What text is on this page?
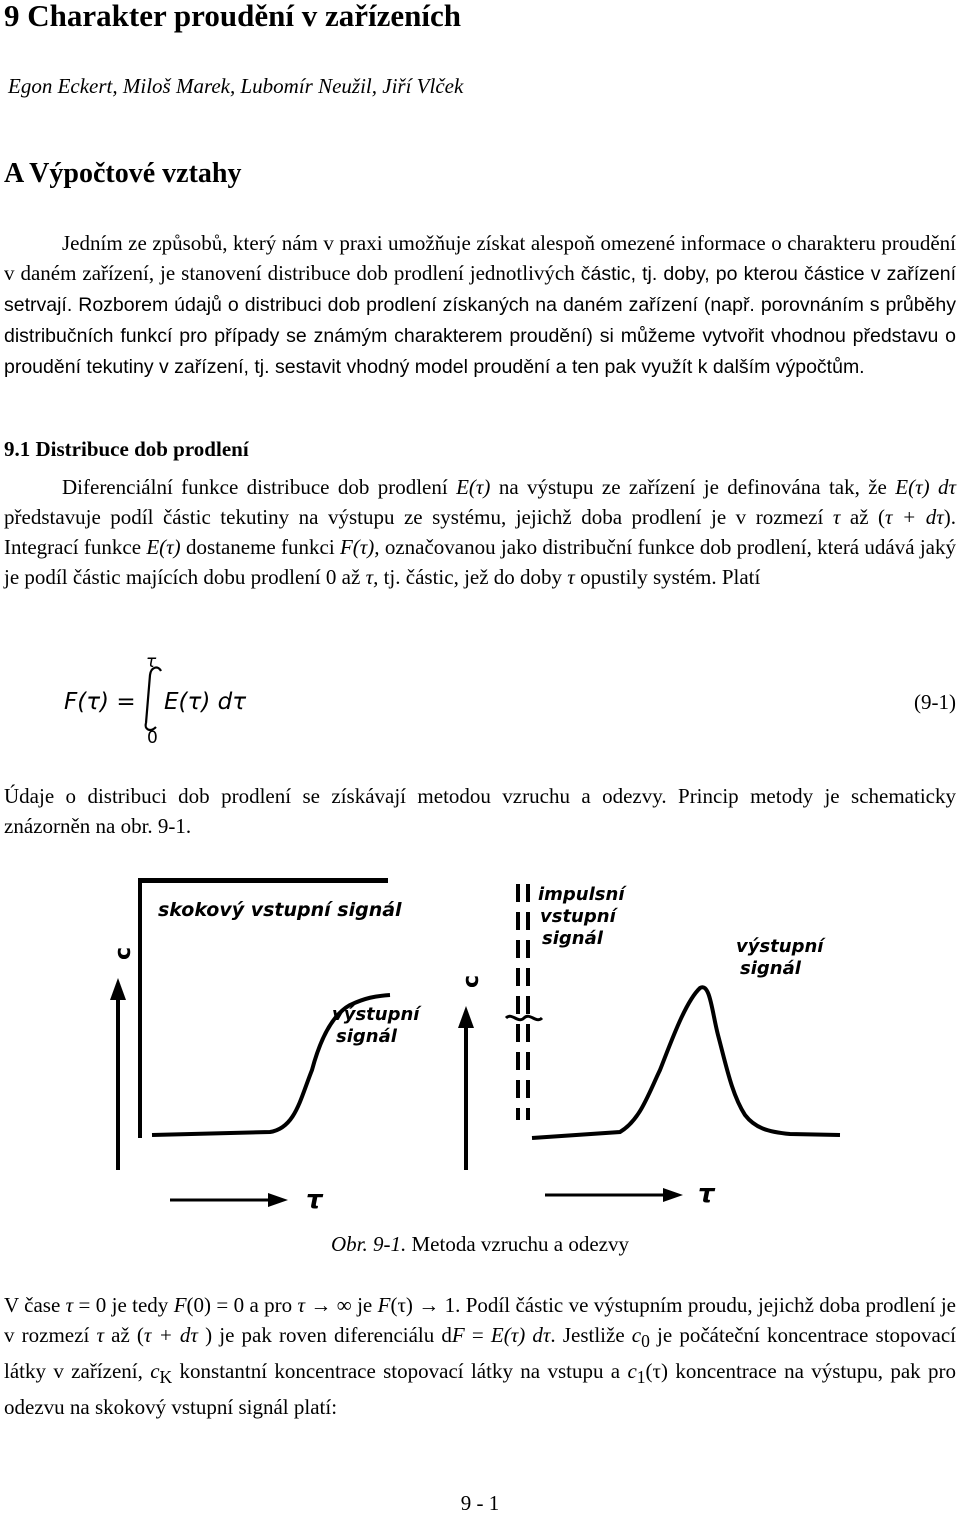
9 Charakter proudění v zařízeních
Egon Eckert, Miloš Marek, Lubomír Neužil, Jiří Vlček
A Výpočtové vztahy
Jedním ze způsobů, který nám v praxi umožňuje získat alespoň omezené informace o charakteru proudění v daném zařízení, je stanovení distribuce dob prodlení jednotlivých částic, tj. doby, po kterou částice v zařízení setrvají. Rozborem údajů o distribuci dob prodlení získaných na daném zařízení (např. porovnáním s průběhy distribučních funkcí pro případy se známým charakterem proudění) si můžeme vytvořit vhodnou představu o proudění tekutiny v zařízení, tj. sestavit vhodný model proudění a ten pak využít k dalším výpočtům.
9.1 Distribuce dob prodlení
Diferenciální funkce distribuce dob prodlení E(τ) na výstupu ze zařízení je definována tak, že E(τ) dτ představuje podíl částic tekutiny na výstupu ze systému, jejichž doba prodlení je v rozmezí τ až (τ + dτ). Integrací funkce E(τ) dostaneme funkci F(τ), označovanou jako distribuční funkce dob prodlení, která udává jaký je podíl částic majících dobu prodlení 0 až τ, tj. částic, jež do doby τ opustily systém. Platí
F(τ) =
τ
0
E(τ) dτ	(9-1)
Údaje o distribuci dob prodlení se získávají metodou vzruchu a odezvy. Princip metody je schematicky znázorněn na obr. 9-1.
skokový vstupní signál
c
výstupní
signál
τ
impulsní
vstupní
signál
c
výstupní
signál
τ
Obr. 9-1. Metoda vzruchu a odezvy
V čase τ = 0 je tedy F(0) = 0 a pro τ → ∞ je F(τ) → 1. Podíl částic ve výstupním proudu, jejichž doba prodlení je v rozmezí τ až (τ + dτ ) je pak roven diferenciálu dF = E(τ) dτ. Jestliže $c_0$ je počáteční koncentrace stopovací látky v zařízení, $c_K$ konstantní koncentrace stopovací látky na vstupu a $c_1(\tau)$ koncentrace na výstupu, pak pro odezvu na skokový vstupní signál platí:
9 - 1
